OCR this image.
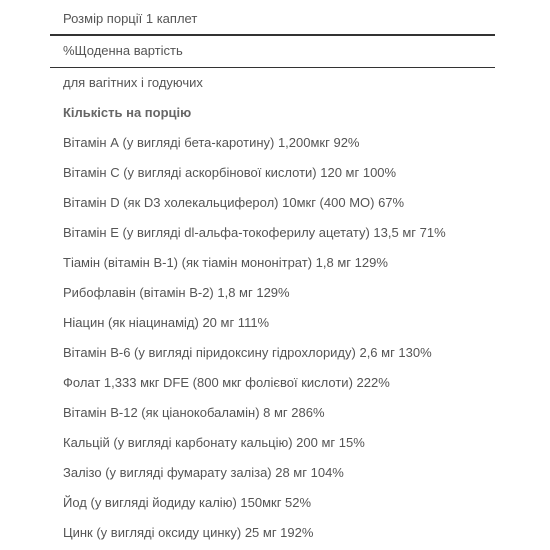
Розмір порції 1 каплет
%Щоденна вартість
для вагітних і годуючих
Кількість на порцію
Вітамін А (у вигляді бета-каротину) 1,200мкг 92%
Вітамін С (у вигляді аскорбінової кислоти) 120 мг 100%
Вітамін D (як D3 холекальциферол) 10мкг (400 МО) 67%
Вітамін Е (у вигляді dl-альфа-токоферилу ацетату) 13,5 мг 71%
Тіамін (вітамін В-1) (як тіамін мононітрат) 1,8 мг 129%
Рибофлавін (вітамін В-2) 1,8 мг 129%
Ніацин (як ніацинамід) 20 мг 111%
Вітамін В-6 (у вигляді піридоксину гідрохлориду) 2,6 мг 130%
Фолат 1,333 мкг DFE (800 мкг фолієвої кислоти) 222%
Вітамін В-12 (як ціанокобаламін) 8 мг 286%
Кальцій (у вигляді карбонату кальцію) 200 мг 15%
Залізо (у вигляді фумарату заліза) 28 мг 104%
Йод (у вигляді йодиду калію) 150мкг 52%
Цинк (у вигляді оксиду цинку) 25 мг 192%
